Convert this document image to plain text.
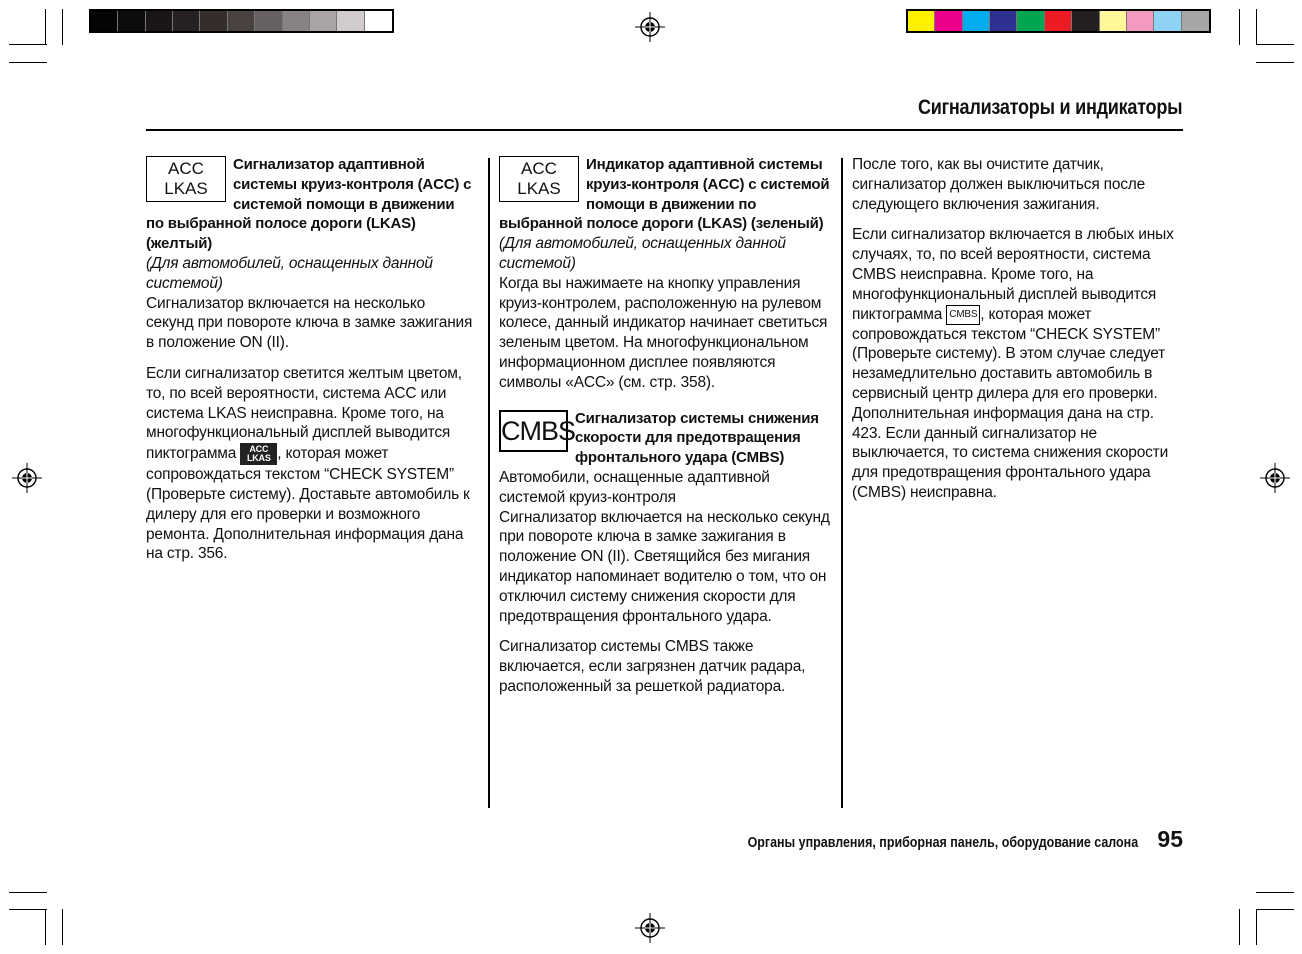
Сигнализаторы и индикаторы
ACC
LKAS
Сигнализатор адаптивной системы круиз-контроля (ACC) с системой помощи в движении по выбранной полосе дороги (LKAS) (желтый)

(Для автомобилей, оснащенных данной системой)

Сигнализатор включается на несколько секунд при повороте ключа в замке зажигания в положение ON (II).

Если сигнализатор светится желтым цветом, то, по всей вероятности, система ACC или система LKAS неисправна. Кроме того, на многофункциональный дисплей выводится пиктограмма	ACC
LKAS , которая может сопровождаться текстом “CHECK SYSTEM” (Проверьте систему). Доставьте автомобиль к дилеру для его проверки и возможного ремонта. Дополнительная информация дана на стр. 356.

ACC
LKAS
Индикатор адаптивной системы круиз-контроля (ACC) с системой помощи в движении по выбранной полосе дороги (LKAS) (зеленый)

(Для автомобилей, оснащенных данной системой)

Когда вы нажимаете на кнопку управления круиз-контролем, расположенную на рулевом колесе, данный индикатор начинает светиться зеленым цветом. На многофункциональном информационном дисплее появляются символы «ACC» (см. стр. 358).

CMBS Сигнализатор системы снижения скорости для предотвращения фронтального удара (CMBS)

Автомобили, оснащенные адаптивной системой круиз-контроля

Сигнализатор включается на несколько секунд при повороте ключа в замке зажигания в положение ON (II). Светящийся без мигания индикатор напоминает водителю о том, что он отключил систему снижения скорости для предотвращения фронтального удара.

Сигнализатор системы CMBS также включается, если загрязнен датчик радара, расположенный за решеткой радиатора.

После того, как вы очистите датчик, сигнализатор должен выключиться после следующего включения зажигания.

Если сигнализатор включается в любых иных случаях, то, по всей вероятности, система CMBS неисправна. Кроме того, на многофункциональный дисплей выводится пиктограмма CMBS , которая может сопровождаться текстом “CHECK SYSTEM” (Проверьте систему). В этом случае следует незамедлительно доставить автомобиль в сервисный центр дилера для его проверки. Дополнительная информация дана на стр. 423. Если данный сигнализатор не выключается, то система снижения скорости для предотвращения фронтального удара (CMBS) неисправна.

Органы управления, приборная панель, оборудование салона 95
